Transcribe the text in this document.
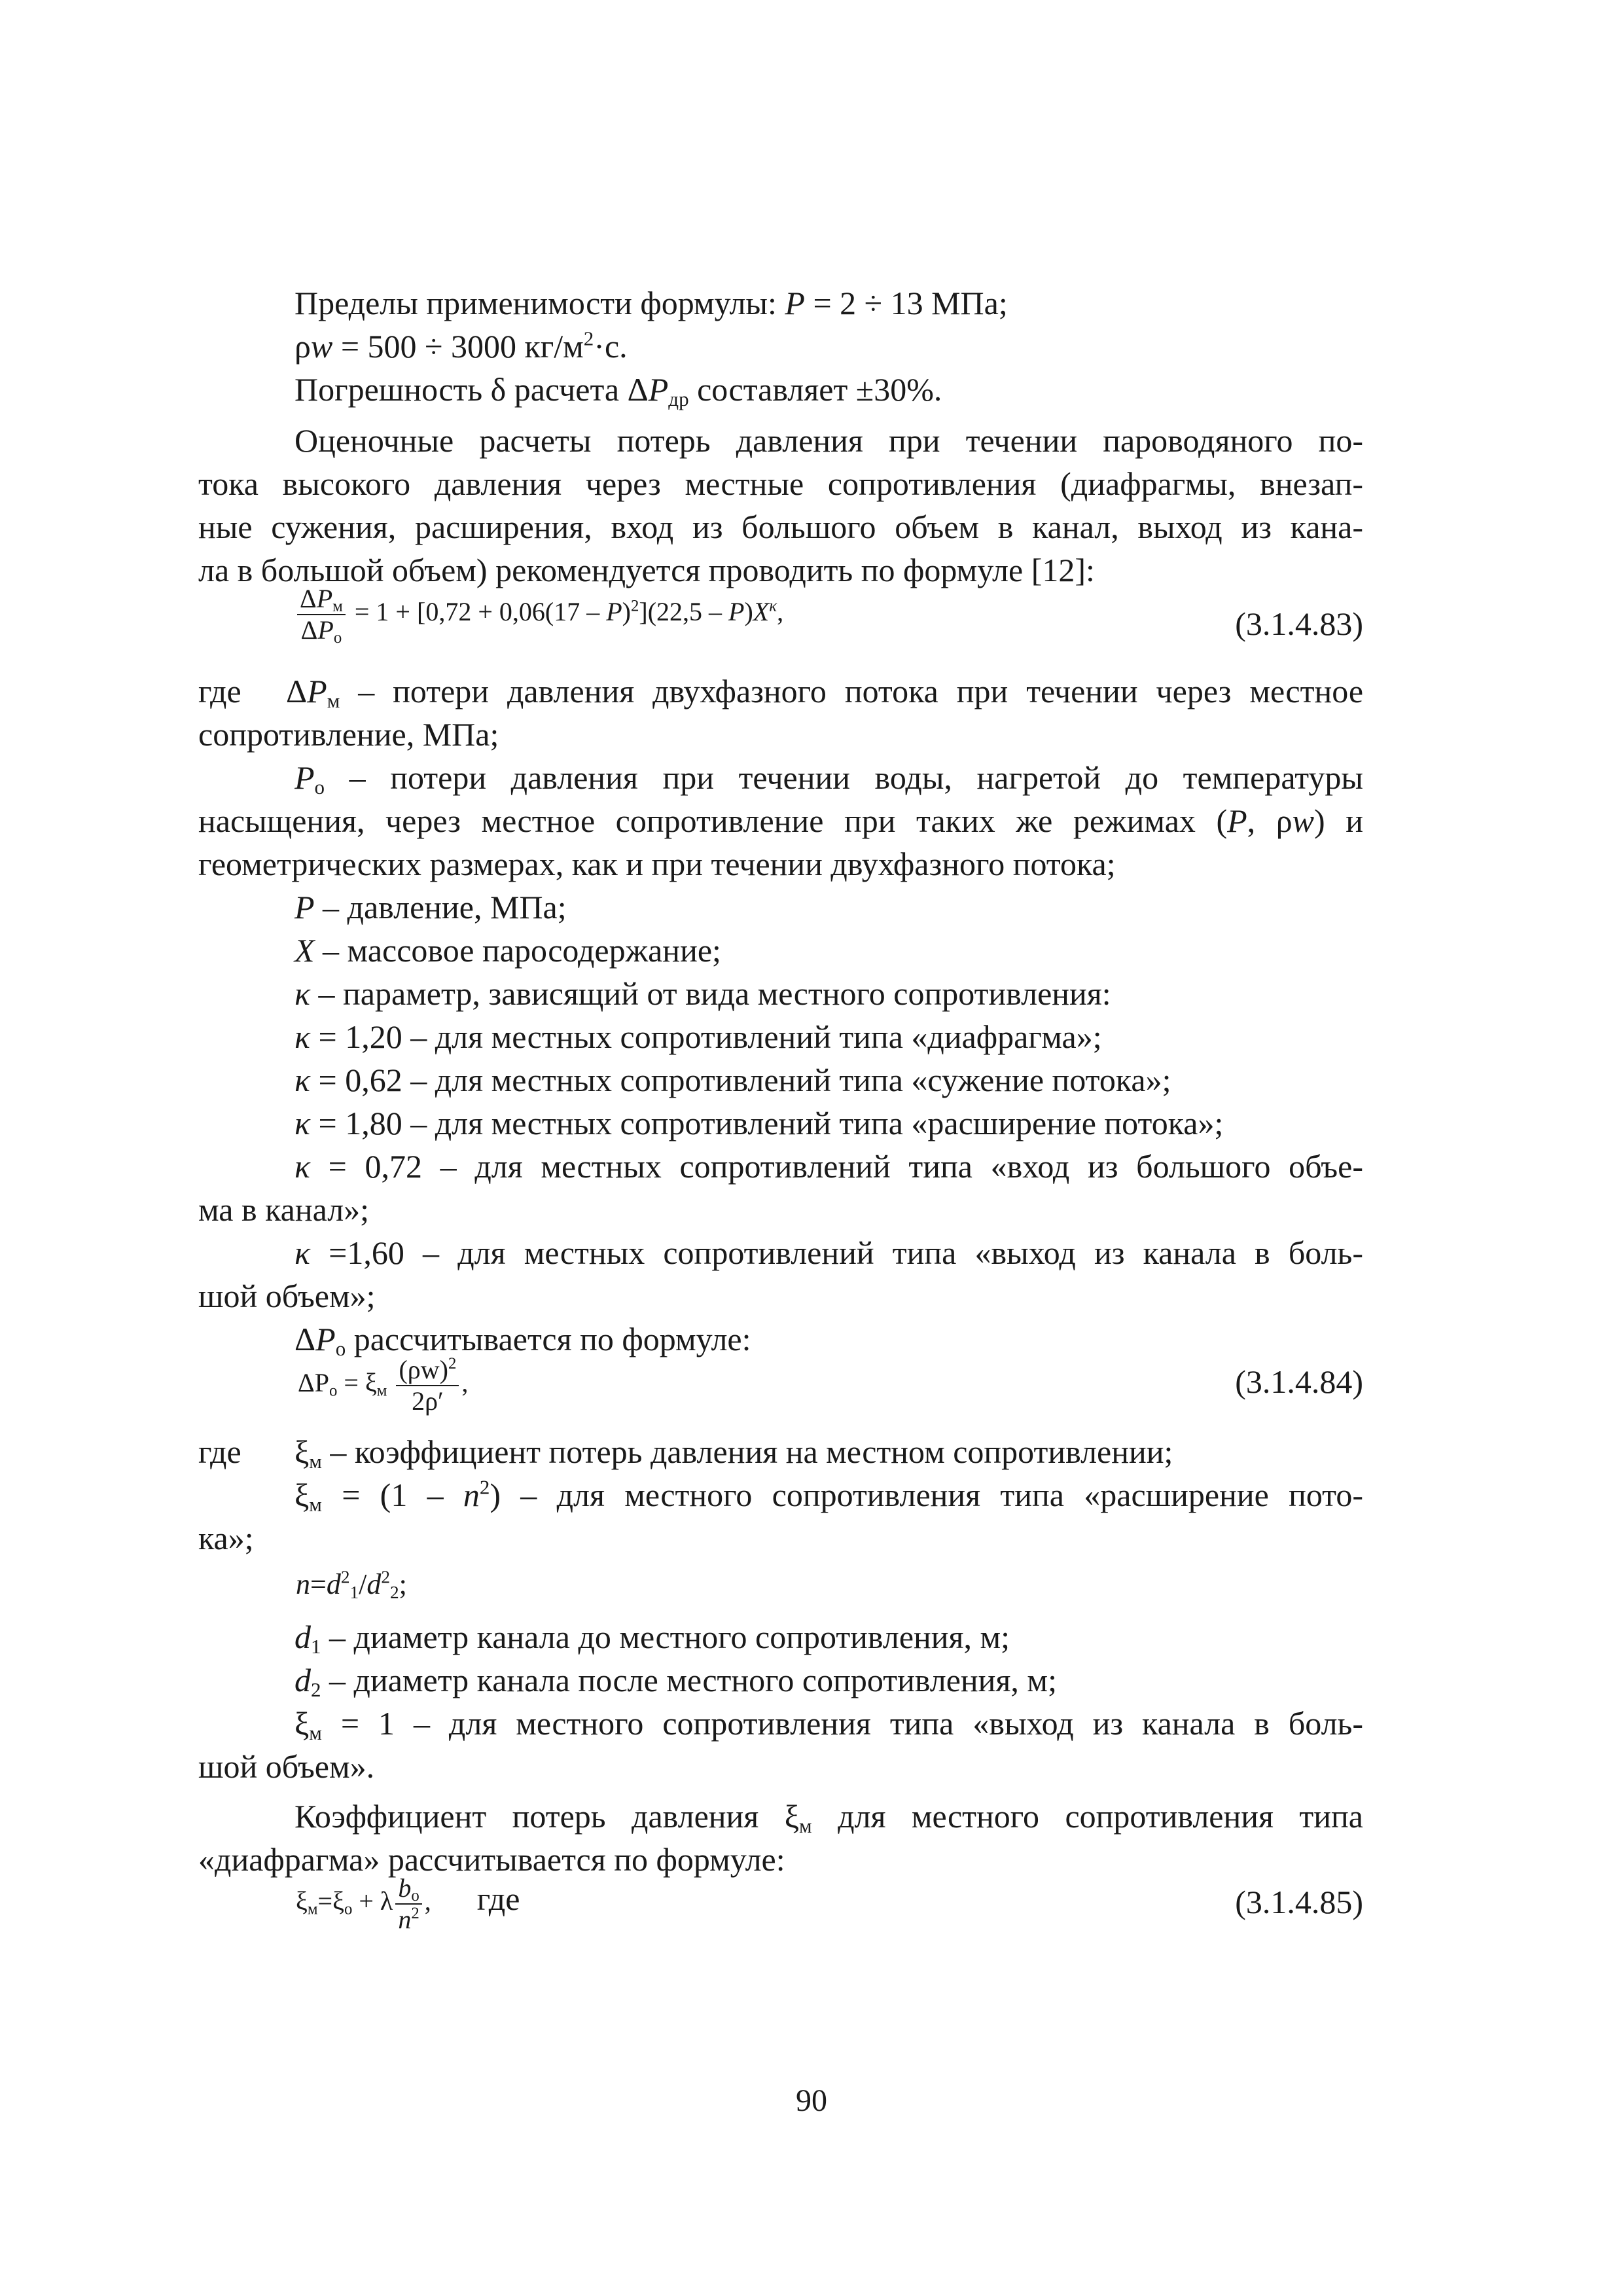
Пределы применимости формулы: P = 2 ÷ 13 МПа;
ρw = 500 ÷ 3000 $кг/м^2\cdot с$.
Погрешность δ расчета $\Delta P_{др}$ составляет ±30%.
Оценочные расчеты потерь давления при течении пароводяного по-
тока высокого давления через местные сопротивления (диафрагмы, внезап-
ные сужения, расширения, вход из большого объем в канал, выход из кана-
ла в большой объем) рекомендуется проводить по формуле [12]:
$\frac{\Delta P_м}{\Delta P_о} = 1 + [0,72 + 0,06(17 - P)^2](22,5 - P)X^\kappa$,	(3.1.4.83)
где	$\Delta P_м$ – потери давления двухфазного потока при течении через местное
сопротивление, МПа;
$P_о$ – потери давления при течении воды, нагретой до температуры
насыщения, через местное сопротивление при таких же режимах (P, ρw) и
геометрических размерах, как и при течении двухфазного потока;
P – давление, МПа;
X – массовое паросодержание;
κ – параметр, зависящий от вида местного сопротивления:
κ = 1,20 – для местных сопротивлений типа «диафрагма»;
κ = 0,62 – для местных сопротивлений типа «сужение потока»;
κ = 1,80 – для местных сопротивлений типа «расширение потока»;
κ = 0,72 – для местных сопротивлений типа «вход из большого объе-
ма в канал»;
κ =1,60 – для местных сопротивлений типа «выход из канала в боль-
шой объем»;
$\Delta P_о$ рассчитывается по формуле:
$\Delta P_о = \xi_м \frac{(\rho w)^2}{2\rho'}$ ,	(3.1.4.84)
где	$\xi_м$ – коэффициент потерь давления на местном сопротивлении;
$\xi_м = (1 - n^2)$ – для местного сопротивления типа «расширение пото-
ка»;
$n=d^2_1/d^2_2$;
$d_1$ – диаметр канала до местного сопротивления, м;
$d_2$ – диаметр канала после местного сопротивления, м;
$\xi_м = 1$ – для местного сопротивления типа «выход из канала в боль-
шой объем».
Коэффициент потерь давления $\xi_м$ для местного сопротивления типа
«диафрагма» рассчитывается по формуле:
$\xi_м=\xi_о + \lambda \frac{b_о}{n^2}$ , где	(3.1.4.85)
90
